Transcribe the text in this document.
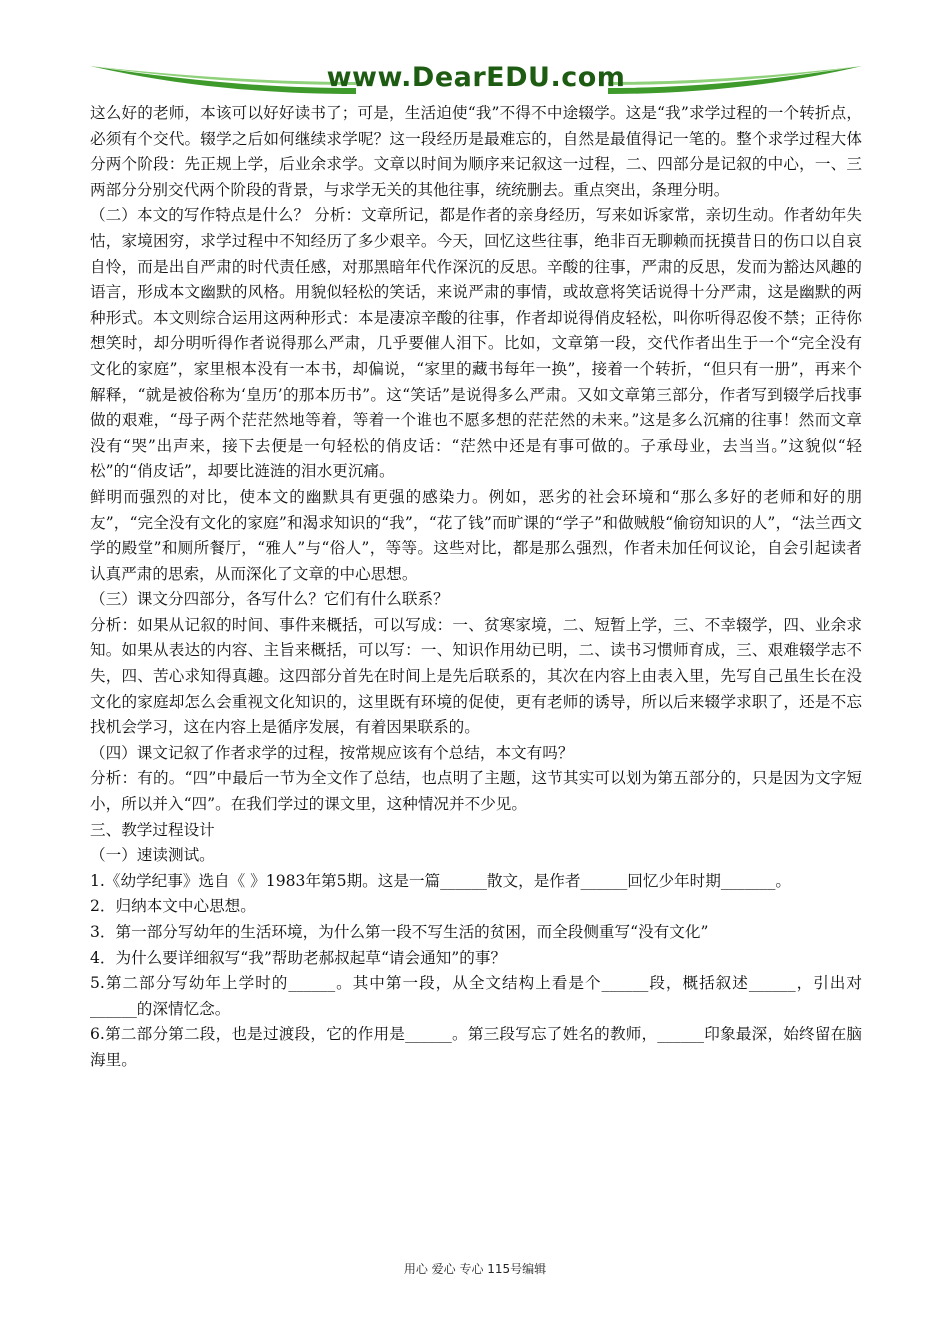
www.DearEDU.com

这么好的老师，本该可以好好读书了；可是，生活迫使“我”不得不中途辍学。这是“我”求学过程的一个转折点，必须有个交代。辍学之后如何继续求学呢？这一段经历是最难忘的，自然是最值得记一笔的。整个求学过程大体分两个阶段：先正规上学，后业余求学。文章以时间为顺序来记叙这一过程，二、四部分是记叙的中心，一、三两部分分别交代两个阶段的背景，与求学无关的其他往事，统统删去。重点突出，条理分明。

（二）本文的写作特点是什么？ 分析：文章所记，都是作者的亲身经历，写来如诉家常，亲切生动。作者幼年失怙，家境困穷，求学过程中不知经历了多少艰辛。今天，回忆这些往事，绝非百无聊赖而抚摸昔日的伤口以自哀自怜，而是出自严肃的时代责任感，对那黑暗年代作深沉的反思。辛酸的往事，严肃的反思，发而为豁达风趣的语言，形成本文幽默的风格。用貌似轻松的笑话，来说严肃的事情，或故意将笑话说得十分严肃，这是幽默的两种形式。本文则综合运用这两种形式：本是凄凉辛酸的往事，作者却说得俏皮轻松，叫你听得忍俊不禁；正待你想笑时，却分明听得作者说得那么严肃，几乎要催人泪下。比如，文章第一段，交代作者出生于一个“完全没有文化的家庭”，家里根本没有一本书，却偏说，“家里的藏书每年一换”，接着一个转折，“但只有一册”，再来个解释，“就是被俗称为‘皇历’的那本历书”。这“笑话”是说得多么严肃。又如文章第三部分，作者写到辍学后找事做的艰难，“母子两个茫茫然地等着，等着一个谁也不愿多想的茫茫然的未来。”这是多么沉痛的往事！然而文章没有“哭”出声来，接下去便是一句轻松的俏皮话：“茫然中还是有事可做的。子承母业，去当当。”这貌似“轻松”的“俏皮话”，却要比涟涟的泪水更沉痛。

鲜明而强烈的对比，使本文的幽默具有更强的感染力。例如，恶劣的社会环境和“那么多好的老师和好的朋友”，“完全没有文化的家庭”和渴求知识的“我”，“花了钱”而旷课的“学子”和做贼般“偷窃知识的人”，“法兰西文学的殿堂”和厕所餐厅，“雅人”与“俗人”，等等。这些对比，都是那么强烈，作者未加任何议论，自会引起读者认真严肃的思索，从而深化了文章的中心思想。

（三）课文分四部分，各写什么？它们有什么联系？

分析：如果从记叙的时间、事件来概括，可以写成：一、贫寒家境，二、短暂上学，三、不幸辍学，四、业余求知。如果从表达的内容、主旨来概括，可以写：一、知识作用幼已明，二、读书习惯师育成，三、艰难辍学志不失，四、苦心求知得真趣。这四部分首先在时间上是先后联系的，其次在内容上由表入里，先写自己虽生长在没文化的家庭却怎么会重视文化知识的，这里既有环境的促使，更有老师的诱导，所以后来辍学求职了，还是不忘找机会学习，这在内容上是循序发展，有着因果联系的。

（四）课文记叙了作者求学的过程，按常规应该有个总结，本文有吗？

分析：有的。“四”中最后一节为全文作了总结，也点明了主题，这节其实可以划为第五部分的，只是因为文字短小，所以并入“四”。在我们学过的课文里，这种情况并不少见。

三、教学过程设计

（一）速读测试。

1.《幼学纪事》选自《 》1983年第5期。这是一篇______散文，是作者______回忆少年时期_______。

2．归纳本文中心思想。

3．第一部分写幼年的生活环境，为什么第一段不写生活的贫困，而全段侧重写“没有文化”

4．为什么要详细叙写“我”帮助老郝叔起草“请会通知”的事？

5.第二部分写幼年上学时的______。其中第一段，从全文结构上看是个______段，概括叙述______，引出对______的深情忆念。

6.第二部分第二段，也是过渡段，它的作用是______。第三段写忘了姓名的教师，______印象最深，始终留在脑海里。

用心 爱心 专心 115号编辑
